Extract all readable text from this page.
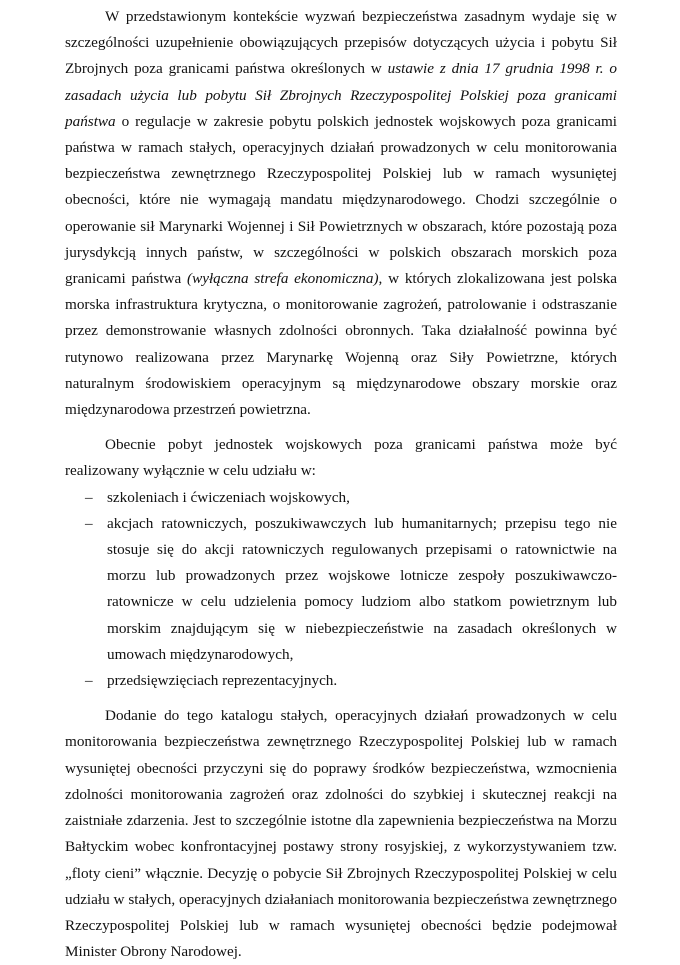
W przedstawionym kontekście wyzwań bezpieczeństwa zasadnym wydaje się w szczególności uzupełnienie obowiązujących przepisów dotyczących użycia i pobytu Sił Zbrojnych poza granicami państwa określonych w ustawie z dnia 17 grudnia 1998 r. o zasadach użycia lub pobytu Sił Zbrojnych Rzeczypospolitej Polskiej poza granicami państwa o regulacje w zakresie pobytu polskich jednostek wojskowych poza granicami państwa w ramach stałych, operacyjnych działań prowadzonych w celu monitorowania bezpieczeństwa zewnętrznego Rzeczypospolitej Polskiej lub w ramach wysuniętej obecności, które nie wymagają mandatu międzynarodowego. Chodzi szczególnie o operowanie sił Marynarki Wojennej i Sił Powietrznych w obszarach, które pozostają poza jurysdykcją innych państw, w szczególności w polskich obszarach morskich poza granicami państwa (wyłączna strefa ekonomiczna), w których zlokalizowana jest polska morska infrastruktura krytyczna, o monitorowanie zagrożeń, patrolowanie i odstraszanie przez demonstrowanie własnych zdolności obronnych. Taka działalność powinna być rutynowo realizowana przez Marynarkę Wojenną oraz Siły Powietrzne, których naturalnym środowiskiem operacyjnym są międzynarodowe obszary morskie oraz międzynarodowa przestrzeń powietrzna.

Obecnie pobyt jednostek wojskowych poza granicami państwa może być realizowany wyłącznie w celu udziału w:

– szkoleniach i ćwiczeniach wojskowych,
– akcjach ratowniczych, poszukiwawczych lub humanitarnych; przepisu tego nie stosuje się do akcji ratowniczych regulowanych przepisami o ratownictwie na morzu lub prowadzonych przez wojskowe lotnicze zespoły poszukiwawczo-ratownicze w celu udzielenia pomocy ludziom albo statkom powietrznym lub morskim znajdującym się w niebezpieczeństwie na zasadach określonych w umowach międzynarodowych,
– przedsięwzięciach reprezentacyjnych.

Dodanie do tego katalogu stałych, operacyjnych działań prowadzonych w celu monitorowania bezpieczeństwa zewnętrznego Rzeczypospolitej Polskiej lub w ramach wysuniętej obecności przyczyni się do poprawy środków bezpieczeństwa, wzmocnienia zdolności monitorowania zagrożeń oraz zdolności do szybkiej i skutecznej reakcji na zaistniałe zdarzenia. Jest to szczególnie istotne dla zapewnienia bezpieczeństwa na Morzu Bałtyckim wobec konfrontacyjnej postawy strony rosyjskiej, z wykorzystywaniem tzw. „floty cieni” włącznie. Decyzję o pobycie Sił Zbrojnych Rzeczypospolitej Polskiej w celu udziału w stałych, operacyjnych działaniach monitorowania bezpieczeństwa zewnętrznego Rzeczypospolitej Polskiej lub w ramach wysuniętej obecności będzie podejmował Minister Obrony Narodowej.
